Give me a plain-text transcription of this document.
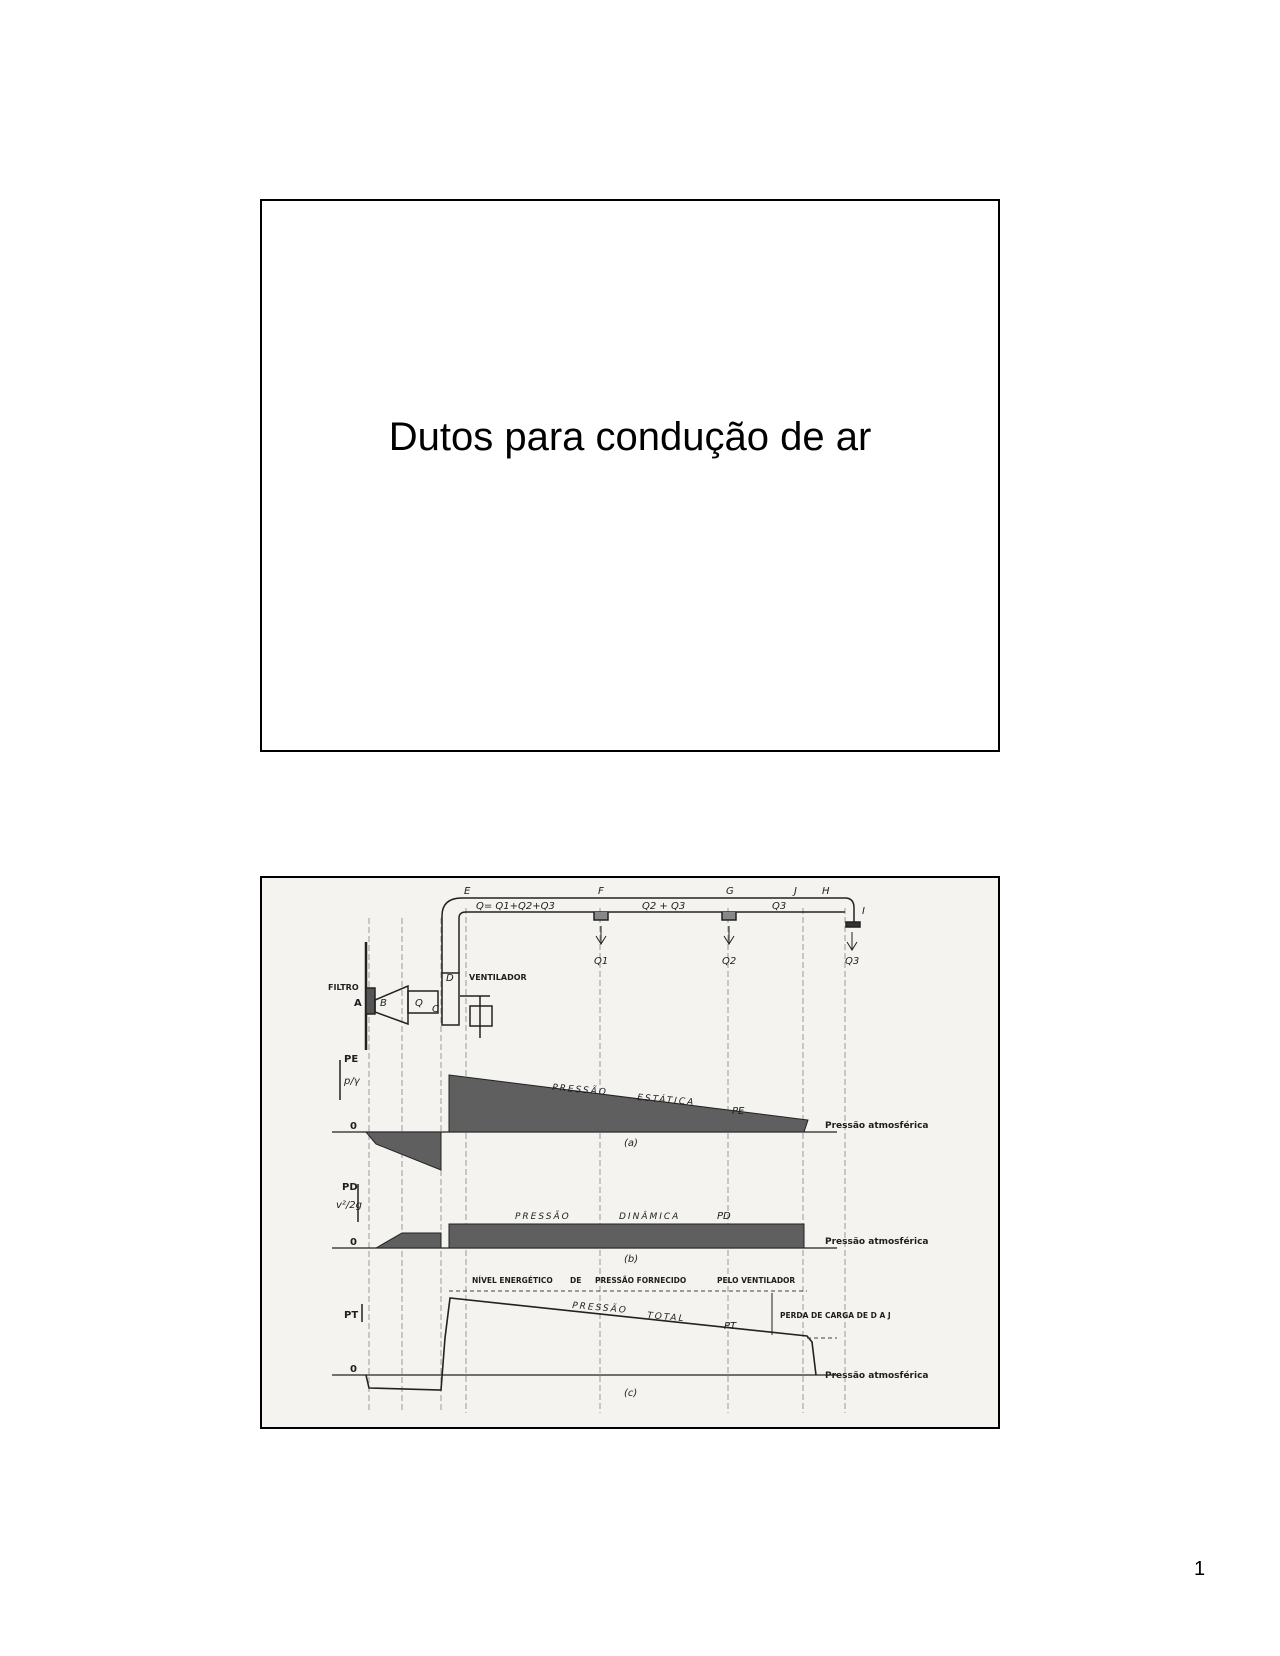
Dutos para condução de ar
E	F	G	J	H
I
Q= Q1+Q2+Q3	Q2 + Q3	Q3
Q1	Q2	Q3
FILTRO
A B	Q
C
D VENTILADOR
PE
p/γ
0
PRESSÃO
ESTÁTICA
PE
Pressão atmosférica
(a)
PD
v²/2g
0
PRESSÃO	DINÂMICA	PD
Pressão atmosférica
(b)
PT
0
NÍVEL ENERGÉTICO DE PRESSÃO FORNECIDO	PELO VENTILADOR
PRESSÃO
TOTAL
PT
PERDA DE CARGA DE D A J
Pressão atmosférica
(c)
1
